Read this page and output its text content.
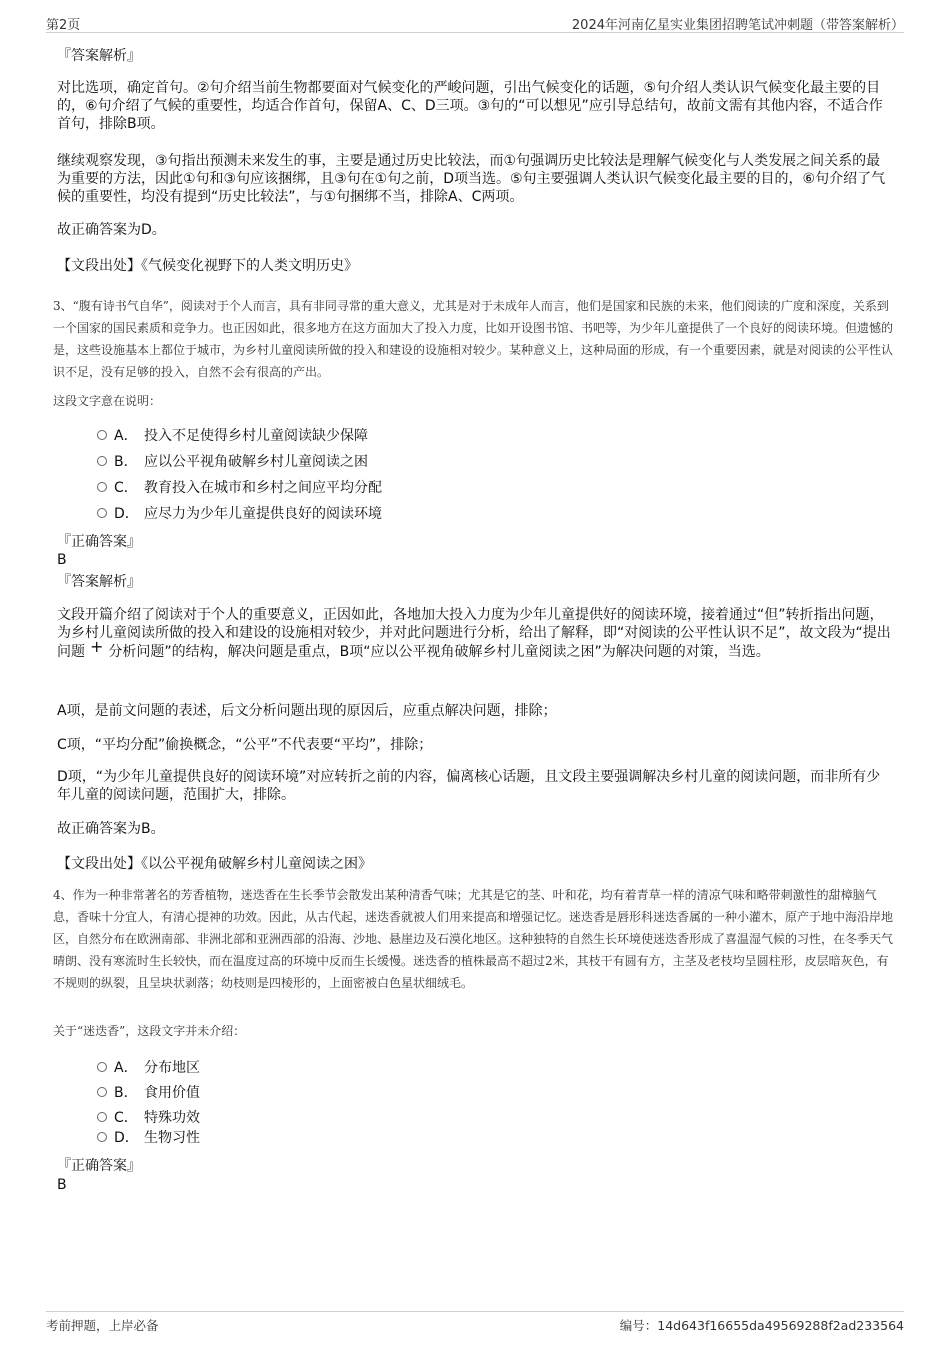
第2页	2024年河南亿星实业集团招聘笔试冲刺题（带答案解析）
『答案解析』
对比选项，确定首句。②句介绍当前生物都要面对气候变化的严峻问题，引出气候变化的话题，⑤句介绍人类认识气候变化最主要的目的，⑥句介绍了气候的重要性，均适合作首句，保留A、C、D三项。③句的“可以想见”应引导总结句，故前文需有其他内容，不适合作首句，排除B项。
继续观察发现，③句指出预测未来发生的事，主要是通过历史比较法，而①句强调历史比较法是理解气候变化与人类发展之间关系的最为重要的方法，因此①句和③句应该捆绑，且③句在①句之前，D项当选。⑤句主要强调人类认识气候变化最主要的目的，⑥句介绍了气候的重要性，均没有提到“历史比较法”，与①句捆绑不当，排除A、C两项。
故正确答案为D。
【文段出处】《气候变化视野下的人类文明历史》
3、“腹有诗书气自华”，阅读对于个人而言，具有非同寻常的重大意义，尤其是对于未成年人而言，他们是国家和民族的未来，他们阅读的广度和深度，关系到一个国家的国民素质和竞争力。也正因如此，很多地方在这方面加大了投入力度，比如开设图书馆、书吧等，为少年儿童提供了一个良好的阅读环境。但遗憾的是，这些设施基本上都位于城市，为乡村儿童阅读所做的投入和建设的设施相对较少。某种意义上，这种局面的形成，有一个重要因素，就是对阅读的公平性认识不足，没有足够的投入，自然不会有很高的产出。
这段文字意在说明：
A． 投入不足使得乡村儿童阅读缺少保障
B． 应以公平视角破解乡村儿童阅读之困
C． 教育投入在城市和乡村之间应平均分配
D． 应尽力为少年儿童提供良好的阅读环境
『正确答案』
B
『答案解析』
文段开篇介绍了阅读对于个人的重要意义，正因如此，各地加大投入力度为少年儿童提供好的阅读环境，接着通过“但”转折指出问题，为乡村儿童阅读所做的投入和建设的设施相对较少，并对此问题进行分析，给出了解释，即“对阅读的公平性认识不足”，故文段为“提出问题 + 分析问题”的结构，解决问题是重点，B项“应以公平视角破解乡村儿童阅读之困”为解决问题的对策，当选。
A项，是前文问题的表述，后文分析问题出现的原因后，应重点解决问题，排除；
C项，“平均分配”偷换概念，“公平”不代表要“平均”，排除；
D项，“为少年儿童提供良好的阅读环境”对应转折之前的内容，偏离核心话题，且文段主要强调解决乡村儿童的阅读问题，而非所有少年儿童的阅读问题，范围扩大，排除。
故正确答案为B。
【文段出处】《以公平视角破解乡村儿童阅读之困》
4、作为一种非常著名的芳香植物，迷迭香在生长季节会散发出某种清香气味；尤其是它的茎、叶和花，均有着青草一样的清凉气味和略带刺激性的甜樟脑气息，香味十分宜人，有清心提神的功效。因此，从古代起，迷迭香就被人们用来提高和增强记忆。迷迭香是唇形科迷迭香属的一种小灌木，原产于地中海沿岸地区，自然分布在欧洲南部、非洲北部和亚洲西部的沿海、沙地、悬崖边及石漠化地区。这种独特的自然生长环境使迷迭香形成了喜温湿气候的习性，在冬季天气晴朗、没有寒流时生长较快，而在温度过高的环境中反而生长缓慢。迷迭香的植株最高不超过2米，其枝干有圆有方，主茎及老枝均呈圆柱形，皮层暗灰色，有不规则的纵裂，且呈块状剥落；幼枝则是四棱形的，上面密被白色星状细绒毛。
关于“迷迭香”，这段文字并未介绍：
A． 分布地区
B． 食用价值
C． 特殊功效
D． 生物习性
『正确答案』
B
考前押题，上岸必备	编号：14d643f16655da49569288f2ad233564
